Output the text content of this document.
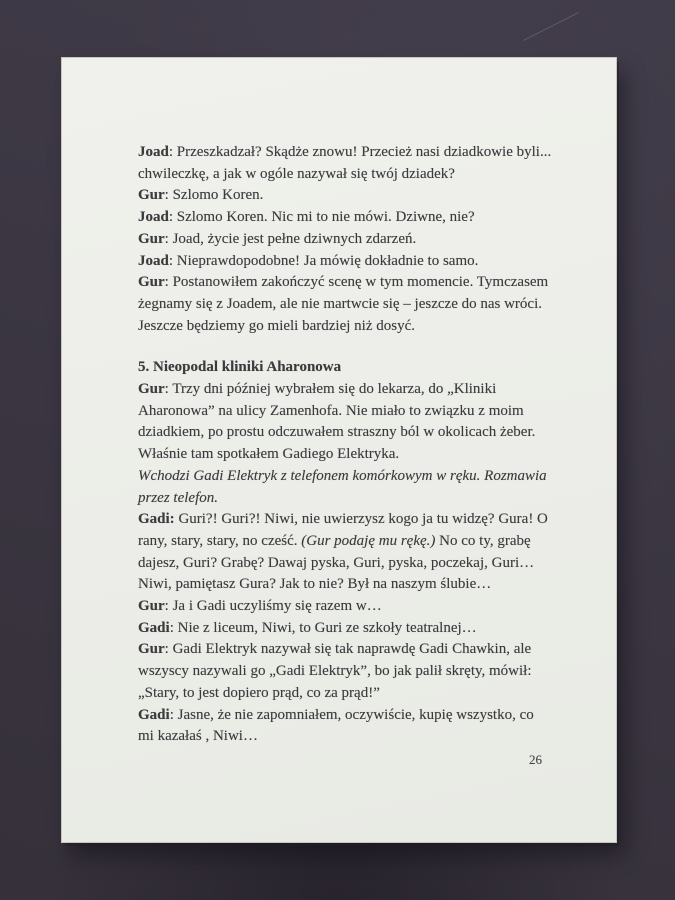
Joad: Przeszkadzał? Skądże znowu! Przecież nasi dziadkowie byli... chwileczkę, a jak w ogóle nazywał się twój dziadek?

Gur: Szlomo Koren.

Joad: Szlomo Koren. Nic mi to nie mówi. Dziwne, nie?

Gur: Joad, życie jest pełne dziwnych zdarzeń.

Joad: Nieprawdopodobne! Ja mówię dokładnie to samo.

Gur: Postanowiłem zakończyć scenę w tym momencie. Tymczasem żegnamy się z Joadem, ale nie martwcie się – jeszcze do nas wróci. Jeszcze będziemy go mieli bardziej niż dosyć.

5. Nieopodal kliniki Aharonowa

Gur: Trzy dni później wybrałem się do lekarza, do „Kliniki Aharonowa” na ulicy Zamenhofa. Nie miało to związku z moim dziadkiem, po prostu odczuwałem straszny ból w okolicach żeber. Właśnie tam spotkałem Gadiego Elektryka.

Wchodzi Gadi Elektryk z telefonem komórkowym w ręku. Rozmawia przez telefon.

Gadi: Guri?! Guri?! Niwi, nie uwierzysz kogo ja tu widzę? Gura! O rany, stary, stary, no cześć. (Gur podaję mu rękę.) No co ty, grabę dajesz, Guri? Grabę? Dawaj pyska, Guri, pyska, poczekaj, Guri… Niwi, pamiętasz Gura? Jak to nie? Był na naszym ślubie…

Gur: Ja i Gadi uczyliśmy się razem w…

Gadi: Nie z liceum, Niwi, to Guri ze szkoły teatralnej…

Gur: Gadi Elektryk nazywał się tak naprawdę Gadi Chawkin, ale wszyscy nazywali go „Gadi Elektryk”, bo jak palił skręty, mówił: „Stary, to jest dopiero prąd, co za prąd!”

Gadi: Jasne, że nie zapomniałem, oczywiście, kupię wszystko, co mi kazałaś , Niwi…

26
